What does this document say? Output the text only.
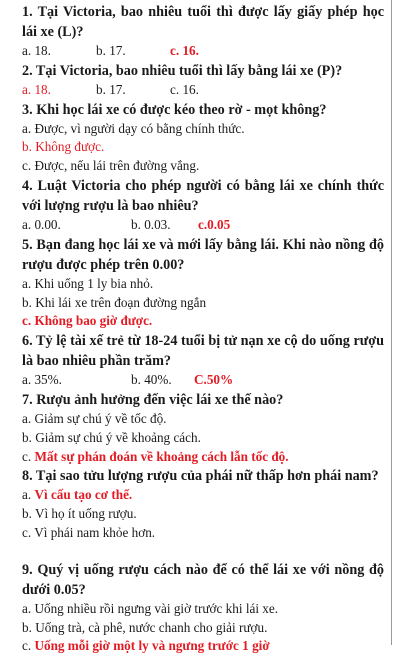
1. Tại Victoria, bao nhiêu tuổi thì được lấy giấy phép học lái xe (L)?

a. 18.	b. 17.	c. 16.

2. Tại Victoria, bao nhiêu tuổi thì lấy bằng lái xe (P)?

a. 18.	b. 17.	c. 16.

3. Khi học lái xe có được kéo theo rờ - mọt không?

a. Được, vì người dạy có bằng chính thức.

b. Không được.

c. Được, nếu lái trên đường vắng.

4. Luật Victoria cho phép người có bằng lái xe chính thức với lượng rượu là bao nhiêu?

a. 0.00.	b. 0.03. c.0.05

5. Bạn đang học lái xe và mới lấy bằng lái. Khi nào nồng độ rượu được phép trên 0.00?

a. Khi uống 1 ly bia nhỏ.

b. Khi lái xe trên đoạn đường ngắn

c. Không bao giờ được.

6. Tỷ lệ tài xế trẻ từ 18-24 tuổi bị tử nạn xe cộ do uống rượu là bao nhiêu phần trăm?

a. 35%.	b. 40%. C.50%

7. Rượu ảnh hưởng đến việc lái xe thế nào?

a. Giảm sự chú ý về tốc độ.

b. Giảm sự chú ý về khoảng cách.

c. Mất sự phán đoán về khoảng cách lẫn tốc độ.

8. Tại sao tửu lượng rượu của phái nữ thấp hơn phái nam?

a. Vì cấu tạo cơ thể.

b. Vì họ ít uống rượu.

c. Vì phái nam khỏe hơn.

9. Quý vị uống rượu cách nào để có thể lái xe với nồng độ dưới 0.05?

a. Uống nhiều rồi ngưng vài giờ trước khi lái xe.

b. Uống trà, cà phê, nước chanh cho giải rượu.

c. Uống mỗi giờ một ly và ngưng trước 1 giờ
